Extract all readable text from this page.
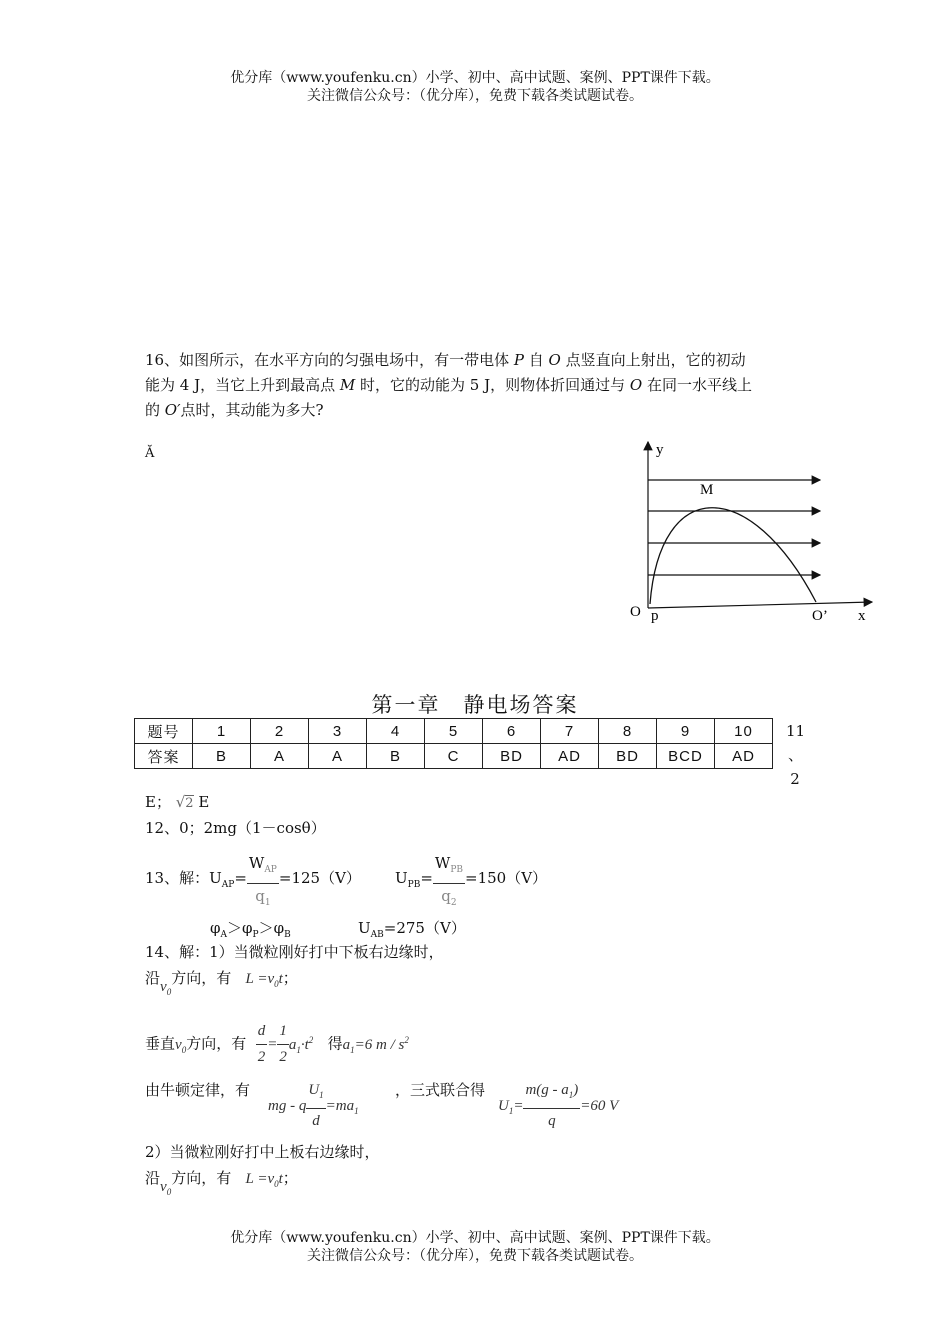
优分库（www.youfenku.cn）小学、初中、高中试题、案例、PPT课件下载。
关注微信公众号：（优分库），免费下载各类试题试卷。
16、如图所示，在水平方向的匀强电场中，有一带电体 P 自 O 点竖直向上射出，它的初动
能为 4 J，当它上升到最高点 M 时，它的动能为 5 J，则物体折回通过与 O 在同一水平线上
的 O′点时，其动能为多大?
Ă	y
M
O p	O’ x
第一章　静电场答案
题号	1	2	3	4	5	6	7	8	9	10
答案	B	A	A	B	C	BD	AD	BD	BCD	AD
11
、
2
E； √2 E
12、0；2mg（1－cosθ）
13、解：$U_{AP}= \frac{W_{AP}}{q_1} =125(V)$ $U_{PB}= \frac{W_{PB}}{q_2} =150(V)$
$\varphi_A>\varphi_P>\varphi_B$	$U_{AB}=275(V)$
14、解：1）当微粒刚好打中下板右边缘时，
沿$v_0$方向，有 $L =v_0t$；
垂直$v_0$方向，有 $\frac{d}{2} = \frac{1}{2} a_1\cdot t^2$ 得$a_1=6$ m / $s^2$
由牛顿定律，有
mg - q $\frac{U_1}{d} =ma_1$
，三式联合得
$U_1= \frac{m(g - a_1)}{q} =60$ V
2）当微粒刚好打中上板右边缘时，
沿$v_0$方向，有 $L =v_0t$；
优分库（www.youfenku.cn）小学、初中、高中试题、案例、PPT课件下载。
关注微信公众号：（优分库），免费下载各类试题试卷。
